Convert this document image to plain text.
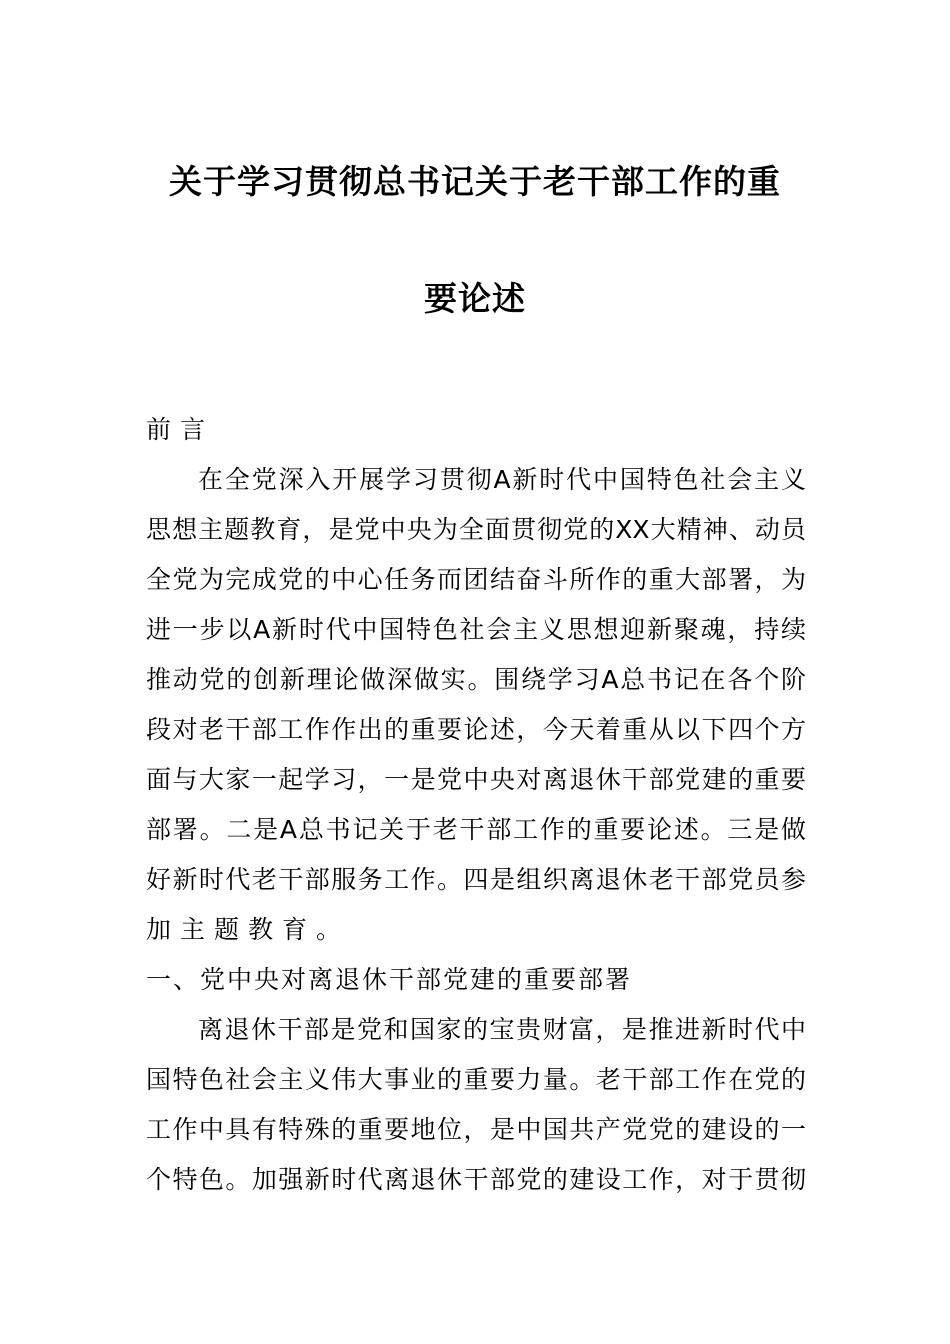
关于学习贯彻总书记关于老干部工作的重
要论述
前言
在全党深入开展学习贯彻A新时代中国特色社会主义
思想主题教育，是党中央为全面贯彻党的XX大精神、动员
全党为完成党的中心任务而团结奋斗所作的重大部署，为
进一步以A新时代中国特色社会主义思想迎新聚魂，持续
推动党的创新理论做深做实。围绕学习A总书记在各个阶
段对老干部工作作出的重要论述，今天着重从以下四个方
面与大家一起学习，一是党中央对离退休干部党建的重要
部署。二是A总书记关于老干部工作的重要论述。三是做
好新时代老干部服务工作。四是组织离退休老干部党员参
加主题教育。
一、党中央对离退休干部党建的重要部署
离退休干部是党和国家的宝贵财富，是推进新时代中
国特色社会主义伟大事业的重要力量。老干部工作在党的
工作中具有特殊的重要地位，是中国共产党党的建设的一
个特色。加强新时代离退休干部党的建设工作，对于贯彻
